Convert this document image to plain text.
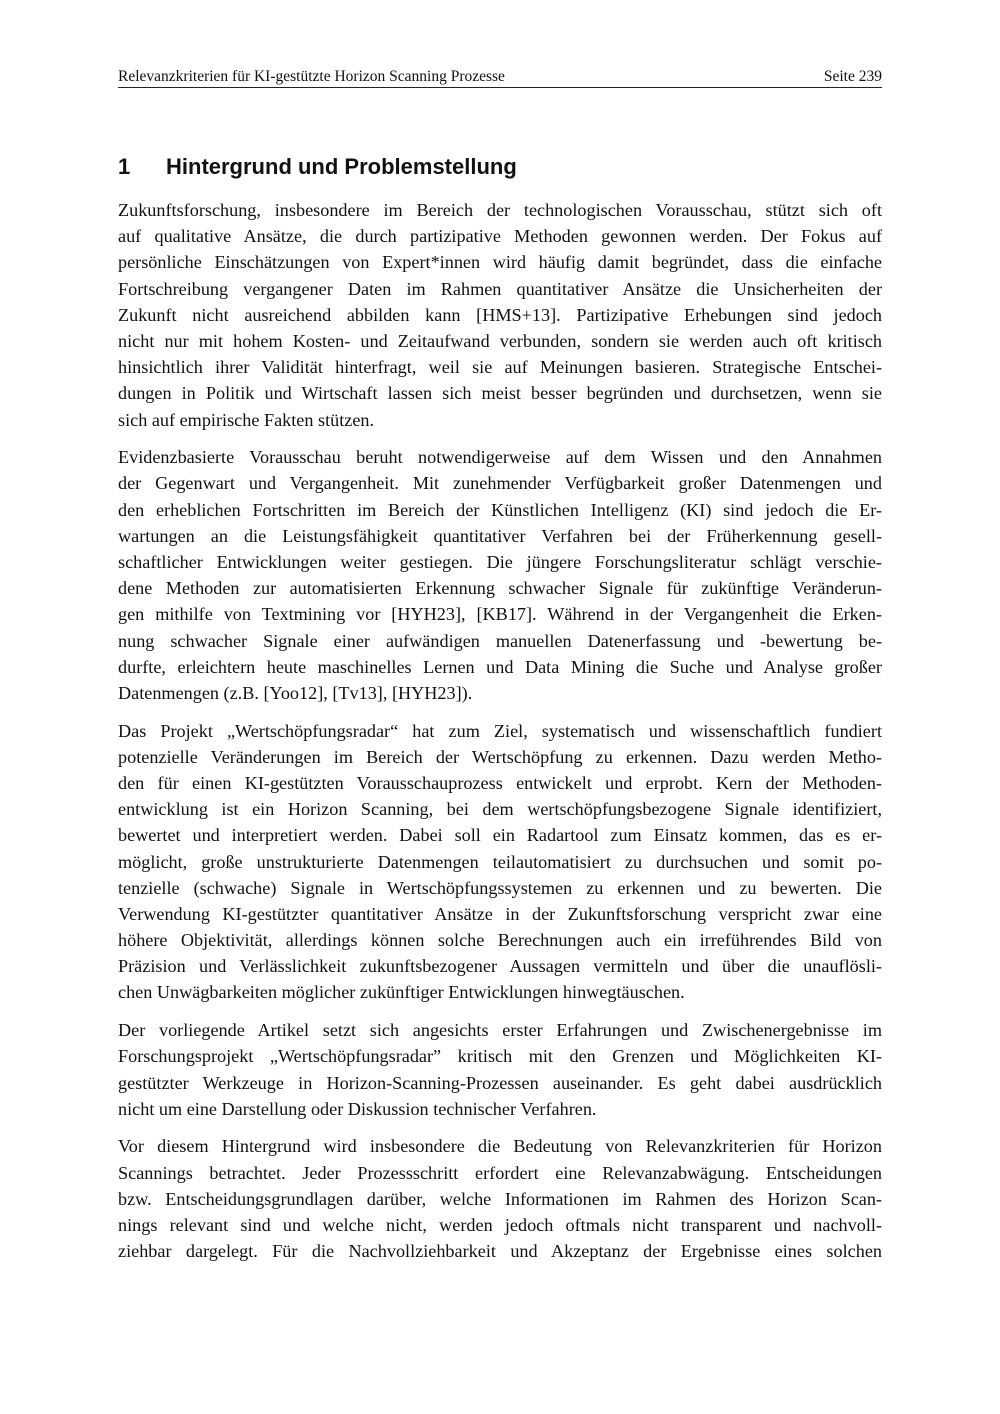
Relevanzkriterien für KI-gestützte Horizon Scanning Prozesse	Seite 239
1 Hintergrund und Problemstellung
Zukunftsforschung, insbesondere im Bereich der technologischen Vorausschau, stützt sich oft
auf qualitative Ansätze, die durch partizipative Methoden gewonnen werden. Der Fokus auf
persönliche Einschätzungen von Expert*innen wird häufig damit begründet, dass die einfache
Fortschreibung vergangener Daten im Rahmen quantitativer Ansätze die Unsicherheiten der
Zukunft nicht ausreichend abbilden kann [HMS+13]. Partizipative Erhebungen sind jedoch
nicht nur mit hohem Kosten- und Zeitaufwand verbunden, sondern sie werden auch oft kritisch
hinsichtlich ihrer Validität hinterfragt, weil sie auf Meinungen basieren. Strategische Entschei-
dungen in Politik und Wirtschaft lassen sich meist besser begründen und durchsetzen, wenn sie
sich auf empirische Fakten stützen.
Evidenzbasierte Vorausschau beruht notwendigerweise auf dem Wissen und den Annahmen
der Gegenwart und Vergangenheit. Mit zunehmender Verfügbarkeit großer Datenmengen und
den erheblichen Fortschritten im Bereich der Künstlichen Intelligenz (KI) sind jedoch die Er-
wartungen an die Leistungsfähigkeit quantitativer Verfahren bei der Früherkennung gesell-
schaftlicher Entwicklungen weiter gestiegen. Die jüngere Forschungsliteratur schlägt verschie-
dene Methoden zur automatisierten Erkennung schwacher Signale für zukünftige Veränderun-
gen mithilfe von Textmining vor [HYH23], [KB17]. Während in der Vergangenheit die Erken-
nung schwacher Signale einer aufwändigen manuellen Datenerfassung und -bewertung be-
durfte, erleichtern heute maschinelles Lernen und Data Mining die Suche und Analyse großer
Datenmengen (z.B. [Yoo12], [Tv13], [HYH23]).
Das Projekt „Wertschöpfungsradar“ hat zum Ziel, systematisch und wissenschaftlich fundiert
potenzielle Veränderungen im Bereich der Wertschöpfung zu erkennen. Dazu werden Metho-
den für einen KI-gestützten Vorausschauprozess entwickelt und erprobt. Kern der Methoden-
entwicklung ist ein Horizon Scanning, bei dem wertschöpfungsbezogene Signale identifiziert,
bewertet und interpretiert werden. Dabei soll ein Radartool zum Einsatz kommen, das es er-
möglicht, große unstrukturierte Datenmengen teilautomatisiert zu durchsuchen und somit po-
tenzielle (schwache) Signale in Wertschöpfungssystemen zu erkennen und zu bewerten. Die
Verwendung KI-gestützter quantitativer Ansätze in der Zukunftsforschung verspricht zwar eine
höhere Objektivität, allerdings können solche Berechnungen auch ein irreführendes Bild von
Präzision und Verlässlichkeit zukunftsbezogener Aussagen vermitteln und über die unauflösli-
chen Unwägbarkeiten möglicher zukünftiger Entwicklungen hinwegtäuschen.
Der vorliegende Artikel setzt sich angesichts erster Erfahrungen und Zwischenergebnisse im
Forschungsprojekt „Wertschöpfungsradar” kritisch mit den Grenzen und Möglichkeiten KI-
gestützter Werkzeuge in Horizon-Scanning-Prozessen auseinander. Es geht dabei ausdrücklich
nicht um eine Darstellung oder Diskussion technischer Verfahren.
Vor diesem Hintergrund wird insbesondere die Bedeutung von Relevanzkriterien für Horizon
Scannings betrachtet. Jeder Prozessschritt erfordert eine Relevanzabwägung. Entscheidungen
bzw. Entscheidungsgrundlagen darüber, welche Informationen im Rahmen des Horizon Scan-
nings relevant sind und welche nicht, werden jedoch oftmals nicht transparent und nachvoll-
ziehbar dargelegt. Für die Nachvollziehbarkeit und Akzeptanz der Ergebnisse eines solchen
